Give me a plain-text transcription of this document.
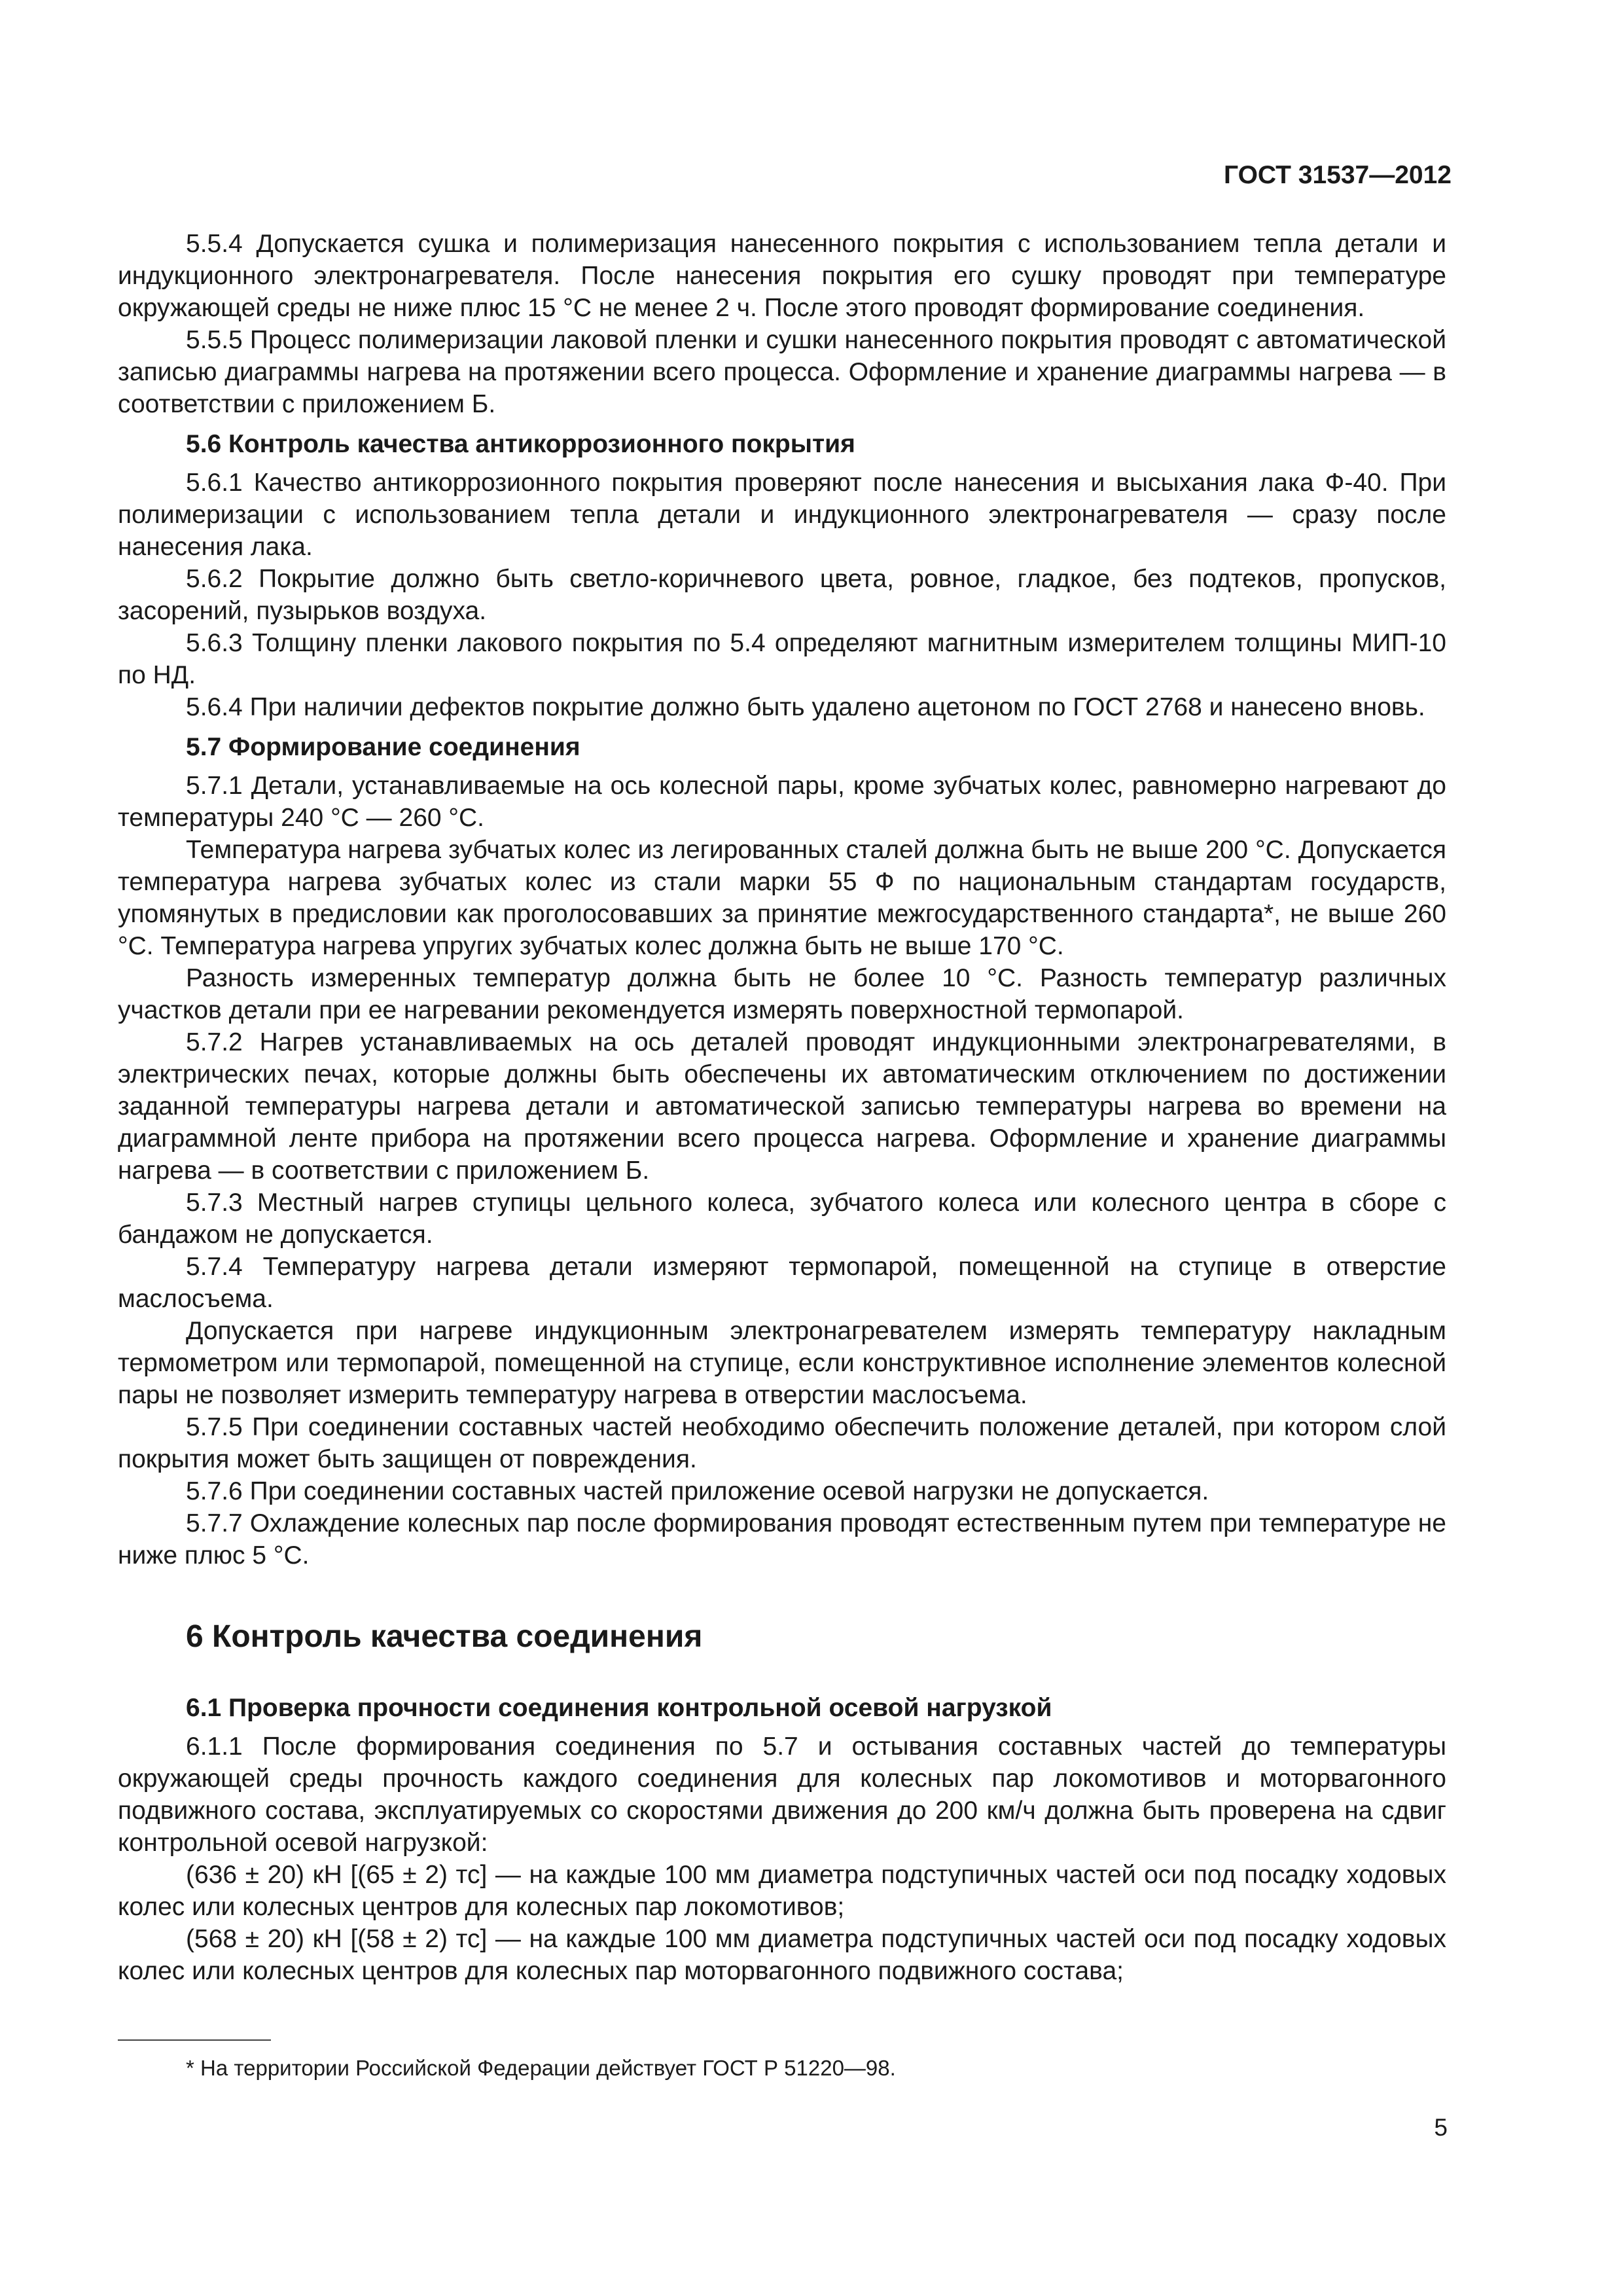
ГОСТ 31537—2012

5.5.4 Допускается сушка и полимеризация нанесенного покрытия с использованием тепла детали и индукционного электронагревателя. После нанесения покрытия его сушку проводят при температуре окружающей среды не ниже плюс 15 °С не менее 2 ч. После этого проводят формирование соединения.

5.5.5 Процесс полимеризации лаковой пленки и сушки нанесенного покрытия проводят с автоматической записью диаграммы нагрева на протяжении всего процесса. Оформление и хранение диаграммы нагрева — в соответствии с приложением Б.

5.6 Контроль качества антикоррозионного покрытия

5.6.1 Качество антикоррозионного покрытия проверяют после нанесения и высыхания лака Ф-40. При полимеризации с использованием тепла детали и индукционного электронагревателя — сразу после нанесения лака.

5.6.2 Покрытие должно быть светло-коричневого цвета, ровное, гладкое, без подтеков, пропусков, засорений, пузырьков воздуха.

5.6.3 Толщину пленки лакового покрытия по 5.4 определяют магнитным измерителем толщины МИП-10 по НД.

5.6.4 При наличии дефектов покрытие должно быть удалено ацетоном по ГОСТ 2768 и нанесено вновь.

5.7 Формирование соединения

5.7.1 Детали, устанавливаемые на ось колесной пары, кроме зубчатых колес, равномерно нагревают до температуры 240 °С — 260 °С.

Температура нагрева зубчатых колес из легированных сталей должна быть не выше 200 °С. Допускается температура нагрева зубчатых колес из стали марки 55 Ф по национальным стандартам государств, упомянутых в предисловии как проголосовавших за принятие межгосударственного стандарта*, не выше 260 °С. Температура нагрева упругих зубчатых колес должна быть не выше 170 °С.

Разность измеренных температур должна быть не более 10 °С. Разность температур различных участков детали при ее нагревании рекомендуется измерять поверхностной термопарой.

5.7.2 Нагрев устанавливаемых на ось деталей проводят индукционными электронагревателями, в электрических печах, которые должны быть обеспечены их автоматическим отключением по достижении заданной температуры нагрева детали и автоматической записью температуры нагрева во времени на диаграммной ленте прибора на протяжении всего процесса нагрева. Оформление и хранение диаграммы нагрева — в соответствии с приложением Б.

5.7.3 Местный нагрев ступицы цельного колеса, зубчатого колеса или колесного центра в сборе с бандажом не допускается.

5.7.4 Температуру нагрева детали измеряют термопарой, помещенной на ступице в отверстие маслосъема.

Допускается при нагреве индукционным электронагревателем измерять температуру накладным термометром или термопарой, помещенной на ступице, если конструктивное исполнение элементов колесной пары не позволяет измерить температуру нагрева в отверстии маслосъема.

5.7.5 При соединении составных частей необходимо обеспечить положение деталей, при котором слой покрытия может быть защищен от повреждения.

5.7.6 При соединении составных частей приложение осевой нагрузки не допускается.

5.7.7 Охлаждение колесных пар после формирования проводят естественным путем при температуре не ниже плюс 5 °С.

6 Контроль качества соединения
6.1 Проверка прочности соединения контрольной осевой нагрузкой

6.1.1 После формирования соединения по 5.7 и остывания составных частей до температуры окружающей среды прочность каждого соединения для колесных пар локомотивов и моторвагонного подвижного состава, эксплуатируемых со скоростями движения до 200 км/ч должна быть проверена на сдвиг контрольной осевой нагрузкой:

(636 ± 20) кН [(65 ± 2) тс] — на каждые 100 мм диаметра подступичных частей оси под посадку ходовых колес или колесных центров для колесных пар локомотивов;

(568 ± 20) кН [(58 ± 2) тс] — на каждые 100 мм диаметра подступичных частей оси под посадку ходовых колес или колесных центров для колесных пар моторвагонного подвижного состава;

* На территории Российской Федерации действует ГОСТ Р 51220—98.
5
